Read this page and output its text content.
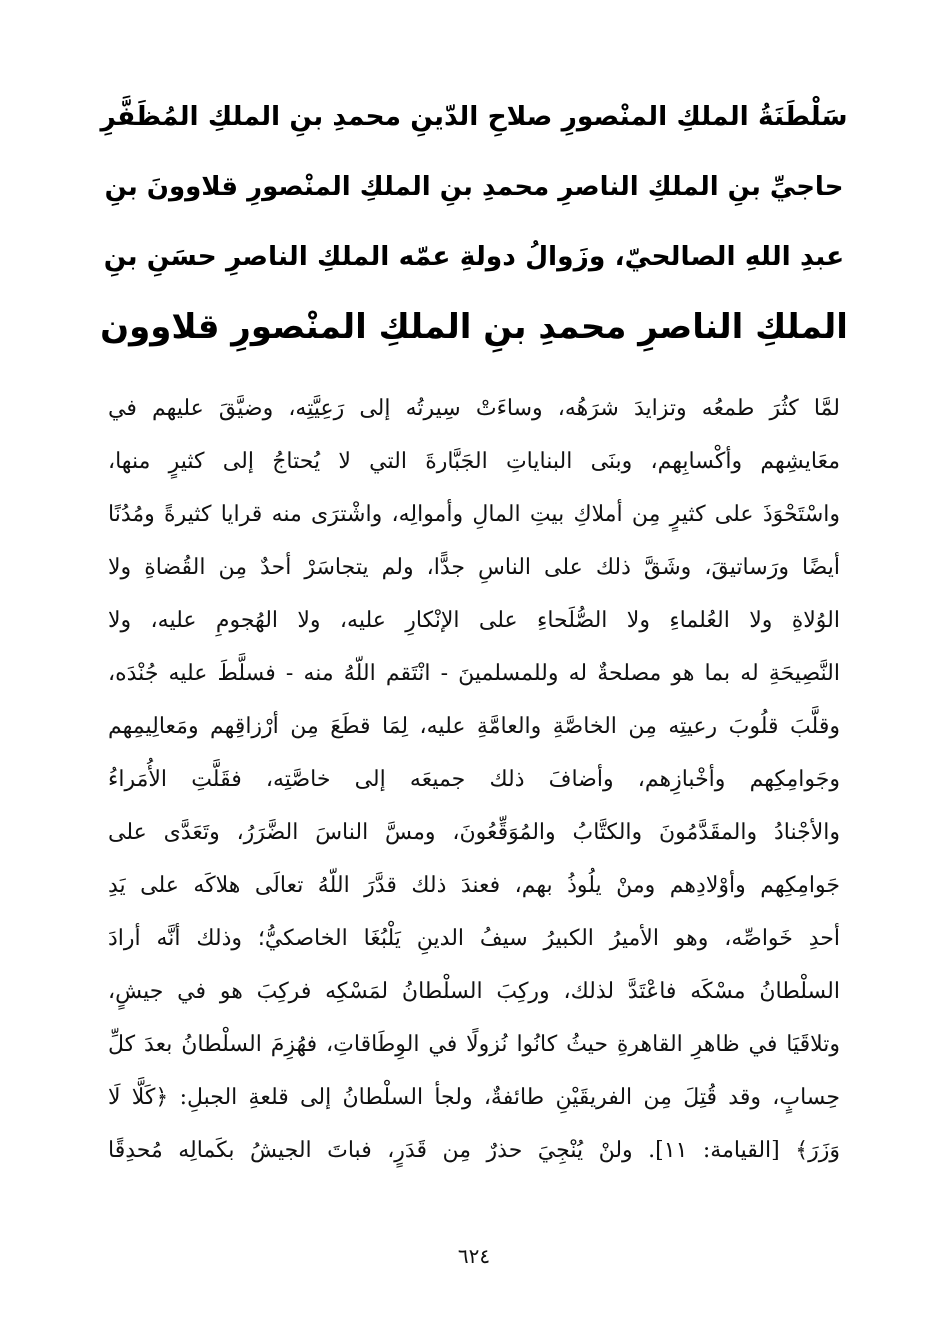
سَلْطَنَةُ الملكِ المنْصورِ صلاحِ الدّينِ محمدِ بنِ الملكِ المُظَفَّرِ
حاجيِّ بنِ الملكِ الناصرِ محمدِ بنِ الملكِ المنْصورِ قلاوونَ بنِ
عبدِ اللهِ الصالحيّ، وزَوالُ دولةِ عمّه الملكِ الناصرِ حسَنِ بنِ
الملكِ الناصرِ محمدِ بنِ الملكِ المنْصورِ قلاوون
لمَّا كثُرَ طمعُه وتزايدَ شرَهُه، وساءَتْ سِيرتُه إلى رَعِيَّتِه، وضيَّقَ عليهم في
معَايشِهم وأكْسابِهم، وبنَى البناياتِ الجَبَّارةَ التي لا يُحتاجُ إلى كثيرٍ منها،
واسْتَحْوَذَ على كثيرٍ مِن أملاكِ بيتِ المالِ وأموالِه، واشْترَى منه قرايا كثيرةً ومُدُنًا
أيضًا ورَساتيقَ، وشَقَّ ذلك على الناسِ جدًّا، ولم يتجاسَرْ أحدٌ مِن القُضاةِ ولا
الوُلاةِ ولا العُلماءِ ولا الصُّلَحاءِ على الإنْكارِ عليه، ولا الهُجومِ عليه، ولا
النَّصِيحَةِ له بما هو مصلحةٌ له وللمسلمينَ - انْتَقم اللّهُ منه - فسلَّطَ عليه جُنْدَه،
وقلَّبَ قلُوبَ رعيتِه مِن الخاصَّةِ والعامَّةِ عليه، لِمَا قطَعَ مِن أرْزاقِهم ومَعالِيمِهم
وجَوامِكِهم وأخْبازِهم، وأضافَ ذلك جميعَه إلى خاصَّتِه، فقَلَّتِ الأُمَراءُ
والأجْنادُ والمقَدَّمُونَ والكتَّابُ والمُوَقِّعُونَ، ومسَّ الناسَ الضَّرَرُ، وتَعَدَّى على
جَوامِكِهم وأوْلادِهم ومنْ يلُوذُ بهم، فعندَ ذلك قدَّرَ اللّهُ تعالَى هلاكَه على يَدِ
أحدِ خَواصِّه، وهو الأميرُ الكبيرُ سيفُ الدينِ يَلْبُغَا الخاصكيُّ؛ وذلك أنَّه أرادَ
السلْطانُ مسْكَه فاعْتَدَّ لذلك، وركِبَ السلْطانُ لمَسْكِه فركِبَ هو في جيشٍ،
وتلاقَيَا في ظاهرِ القاهرةِ حيثُ كانُوا نُزولًا في الوِطَاقاتِ، فهُزِمَ السلْطانُ بعدَ كلِّ
حِسابٍ، وقد قُتِلَ مِن الفريقَيْنِ طائفةٌ، ولجأ السلْطانُ إلى قلعةِ الجبلِ: ﴿كَلَّا لَا
وَزَرَ﴾ [القيامة: ١١]. ولنْ يُنْجِيَ حذرٌ مِن قَدَرٍ، فباتَ الجيشُ بكَمالِه مُحدِقًا
٦٢٤
